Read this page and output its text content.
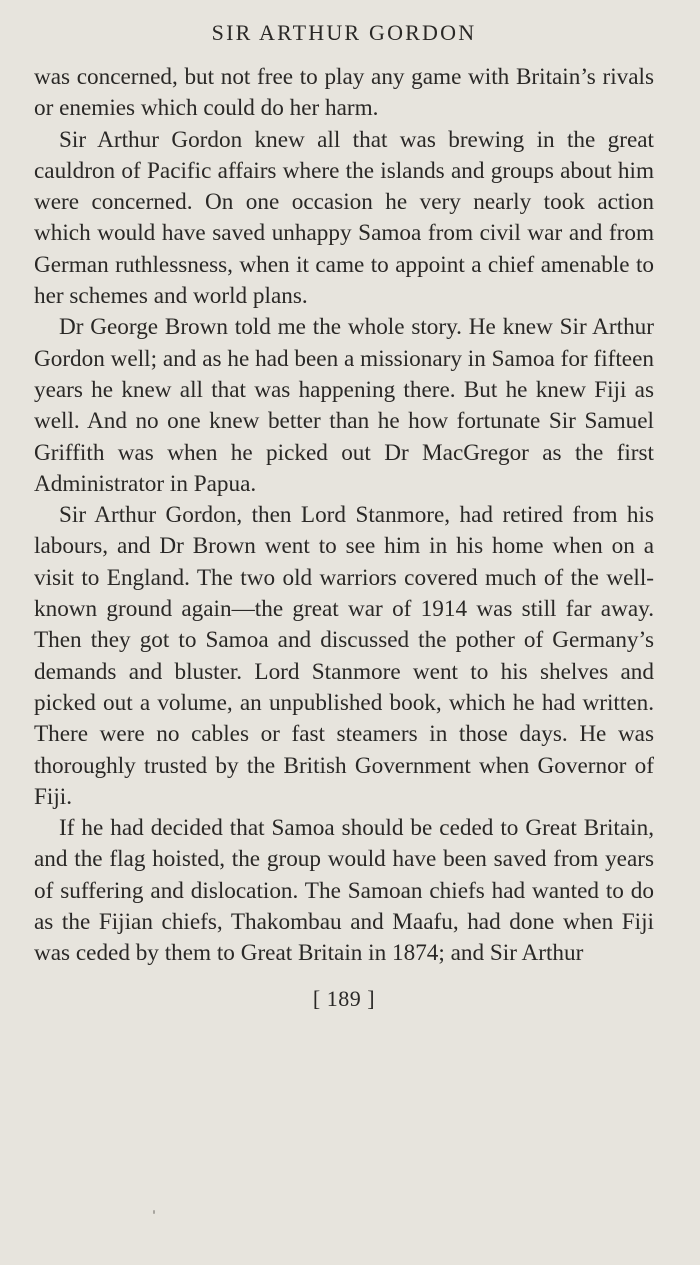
SIR ARTHUR GORDON

was concerned, but not free to play any game with Britain’s rivals or enemies which could do her harm.

Sir Arthur Gordon knew all that was brewing in the great cauldron of Pacific affairs where the islands and groups about him were concerned. On one occasion he very nearly took action which would have saved unhappy Samoa from civil war and from German ruthlessness, when it came to appoint a chief amenable to her schemes and world plans.

Dr George Brown told me the whole story. He knew Sir Arthur Gordon well; and as he had been a missionary in Samoa for fifteen years he knew all that was happening there. But he knew Fiji as well. And no one knew better than he how fortunate Sir Samuel Griffith was when he picked out Dr MacGregor as the first Administrator in Papua.

Sir Arthur Gordon, then Lord Stanmore, had retired from his labours, and Dr Brown went to see him in his home when on a visit to England. The two old warriors covered much of the well-known ground again—the great war of 1914 was still far away. Then they got to Samoa and discussed the pother of Germany’s demands and bluster. Lord Stanmore went to his shelves and picked out a volume, an unpublished book, which he had written. There were no cables or fast steamers in those days. He was thoroughly trusted by the British Government when Governor of Fiji.

If he had decided that Samoa should be ceded to Great Britain, and the flag hoisted, the group would have been saved from years of suffering and dislocation. The Samoan chiefs had wanted to do as the Fijian chiefs, Thakombau and Maafu, had done when Fiji was ceded by them to Great Britain in 1874; and Sir Arthur

[ 189 ]
